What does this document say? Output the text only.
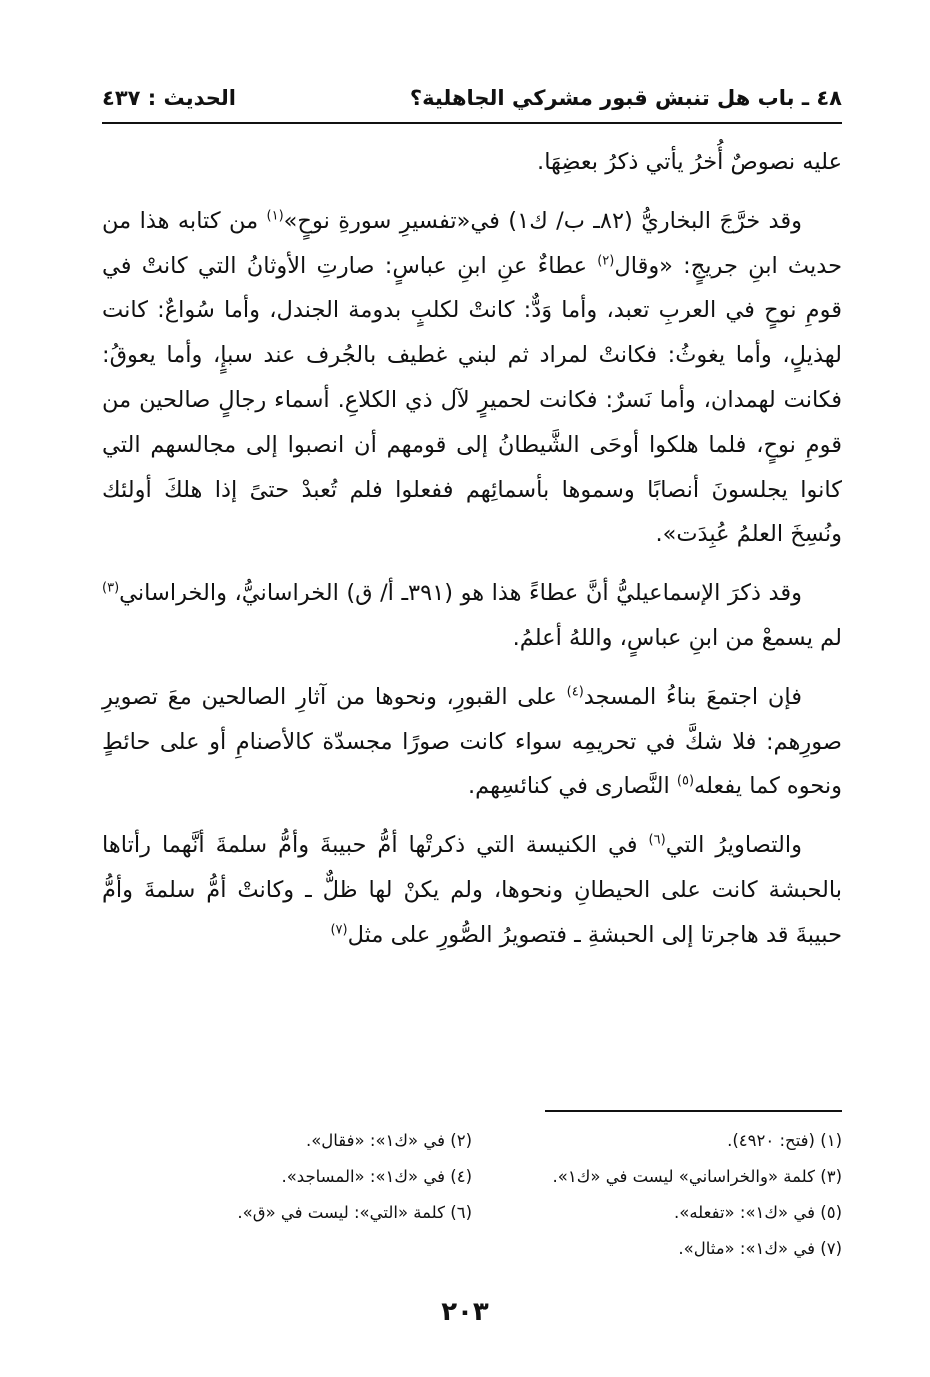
٤٨ ـ باب هل تنبش قبور مشركي الجاهلية؟
الحديث : ٤٣٧

عليه نصوصٌ أُخرُ يأتي ذكرُ بعضِهَا.

وقد خرَّجَ البخاريُّ (٨٢ـ ب/ ك١) في«تفسيرِ سورةِ نوحٍ»$^{(١)}$ من كتابه هذا من حديث ابنِ جريجٍ: «وقال$^{(٢)}$ عطاءٌ عنِ ابنِ عباسٍ: صارتِ الأوثانُ التي كانتْ في قومِ نوحٍ في العربِ تعبد، وأما وَدٌّ: كانتْ لكلبٍ بدومة الجندل، وأما سُواعٌ: كانت لهذيلٍ، وأما يغوثُ: فكانتْ لمراد ثم لبني غطيف بالجُرف عند سبإٍ، وأما يعوقُ: فكانت لهمدان، وأما نَسرٌ: فكانت لحميرٍ لآل ذي الكلاعِ. أسماء رجالٍ صالحين من قومِ نوحٍ، فلما هلكوا أوحَى الشَّيطانُ إلى قومهم أن انصبوا إلى مجالسهم التي كانوا يجلسونَ أنصابًا وسموها بأسمائِهم ففعلوا فلم تُعبدْ حتىً إذا هلكَ أولئك ونُسِخَ العلمُ عُبِدَت».

وقد ذكرَ الإسماعيليُّ أنَّ عطاءً هذا هو (٣٩١ـ أ/ ق) الخراسانيُّ، والخراساني$^{(٣)}$ لم يسمعْ من ابنِ عباسٍ، واللهُ أعلمُ.

فإن اجتمعَ بناءُ المسجد$^{(٤)}$ على القبورِ، ونحوها من آثارِ الصالحين معَ تصويرِ صورِهم: فلا شكَّ في تحريمِه سواء كانت صورًا مجسدّة كالأصنامِ أو على حائطٍ ونحوه كما يفعله$^{(٥)}$ النَّصارى في كنائسِهم.

والتصاويرُ التي$^{(٦)}$ في الكنيسة التي ذكرتْها أمُّ حبيبةَ وأمُّ سلمةَ أنَّهما رأتاها بالحبشة كانت على الحيطانِ ونحوها، ولم يكنْ لها ظلٌّ ـ وكانتْ أمُّ سلمةَ وأمُّ حبيبةَ قد هاجرتا إلى الحبشةِ ـ فتصويرُ الصُّورِ على مثل$^{(٧)}$

(١) (فتح: ٤٩٢٠).
(٢) في «ك١»: «فقال».
(٣) كلمة «والخراساني» ليست في «ك١».
(٤) في «ك١»: «المساجد».
(٥) في «ك١»: «تفعله».
(٦) كلمة «التي»: ليست في «ق».
(٧) في «ك١»: «مثال».
٢٠٣
